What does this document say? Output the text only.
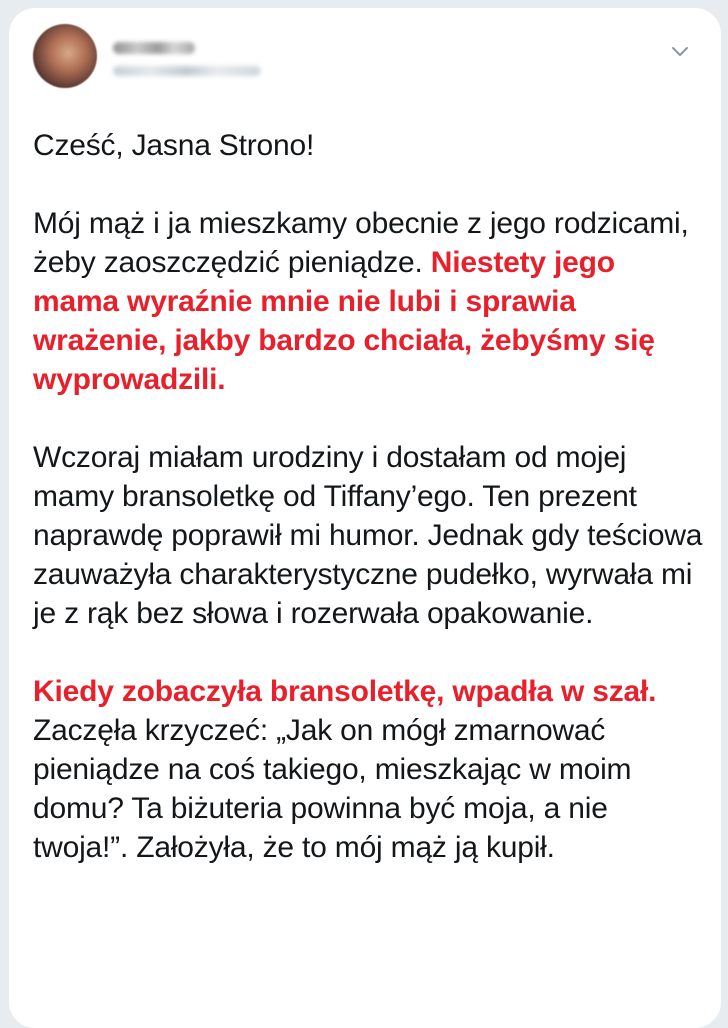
Cześć, Jasna Strono!

Mój mąż i ja mieszkamy obecnie z jego rodzicami, żeby zaoszczędzić pieniądze. Niestety jego mama wyraźnie mnie nie lubi i sprawia wrażenie, jakby bardzo chciała, żebyśmy się wyprowadzili.

Wczoraj miałam urodziny i dostałam od mojej mamy bransoletkę od Tiffany’ego. Ten prezent naprawdę poprawił mi humor. Jednak gdy teściowa zauważyła charakterystyczne pudełko, wyrwała mi je z rąk bez słowa i rozerwała opakowanie.

Kiedy zobaczyła bransoletkę, wpadła w szał. Zaczęła krzyczeć: „Jak on mógł zmarnować pieniądze na coś takiego, mieszkając w moim domu? Ta biżuteria powinna być moja, a nie twoja!”. Założyła, że to mój mąż ją kupił.
